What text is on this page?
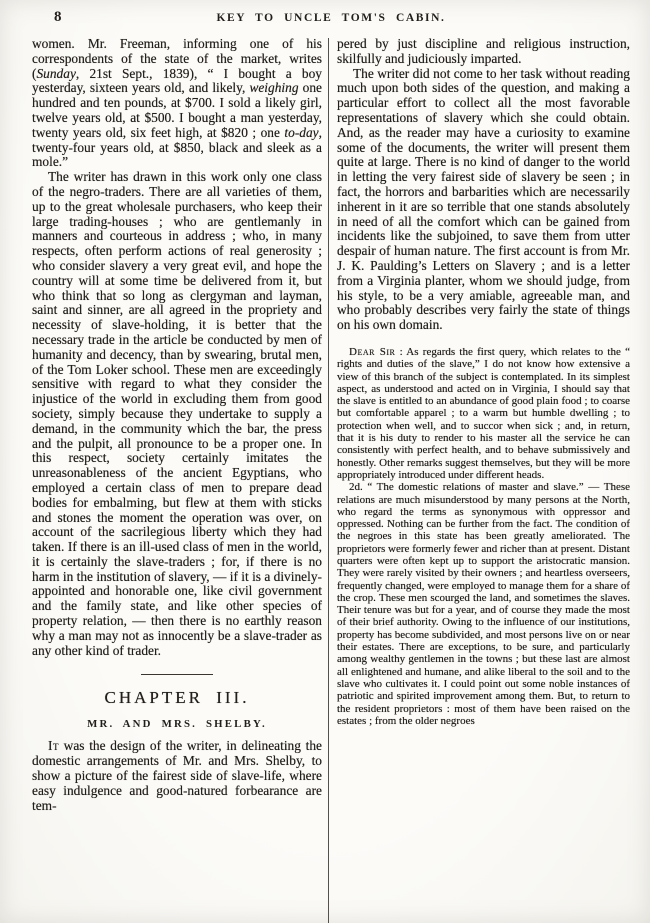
8	KEY TO UNCLE TOM'S CABIN.

women. Mr. Freeman, informing one of his correspondents of the state of the market, writes (Sunday, 21st Sept., 1839), “ I bought a boy yesterday, sixteen years old, and likely, weighing one hundred and ten pounds, at $700. I sold a likely girl, twelve years old, at $500. I bought a man yesterday, twenty years old, six feet high, at $820 ; one to-day, twenty-four years old, at $850, black and sleek as a mole.”

The writer has drawn in this work only one class of the negro-traders. There are all varieties of them, up to the great wholesale purchasers, who keep their large trading-houses ; who are gentlemanly in manners and courteous in address ; who, in many respects, often perform actions of real generosity ; who consider slavery a very great evil, and hope the country will at some time be delivered from it, but who think that so long as clergyman and layman, saint and sinner, are all agreed in the propriety and necessity of slave-holding, it is better that the necessary trade in the article be conducted by men of humanity and decency, than by swearing, brutal men, of the Tom Loker school. These men are exceedingly sensitive with regard to what they consider the injustice of the world in excluding them from good society, simply because they undertake to supply a demand, in the community which the bar, the press and the pulpit, all pronounce to be a proper one. In this respect, society certainly imitates the unreasonableness of the ancient Egyptians, who employed a certain class of men to prepare dead bodies for embalming, but flew at them with sticks and stones the moment the operation was over, on account of the sacrilegious liberty which they had taken. If there is an ill-used class of men in the world, it is certainly the slave-traders ; for, if there is no harm in the institution of slavery, — if it is a divinely-appointed and honorable one, like civil government and the family state, and like other species of property relation, — then there is no earthly reason why a man may not as innocently be a slave-trader as any other kind of trader.

CHAPTER III.
MR. AND MRS. SHELBY.

It was the design of the writer, in delineating the domestic arrangements of Mr. and Mrs. Shelby, to show a picture of the fairest side of slave-life, where easy indulgence and good-natured forbearance are tem-

pered by just discipline and religious instruction, skilfully and judiciously imparted.

The writer did not come to her task without reading much upon both sides of the question, and making a particular effort to collect all the most favorable representations of slavery which she could obtain. And, as the reader may have a curiosity to examine some of the documents, the writer will present them quite at large. There is no kind of danger to the world in letting the very fairest side of slavery be seen ; in fact, the horrors and barbarities which are necessarily inherent in it are so terrible that one stands absolutely in need of all the comfort which can be gained from incidents like the subjoined, to save them from utter despair of human nature. The first account is from Mr. J. K. Paulding’s Letters on Slavery ; and is a letter from a Virginia planter, whom we should judge, from his style, to be a very amiable, agreeable man, and who probably describes very fairly the state of things on his own domain.

Dear Sir : As regards the first query, which relates to the “ rights and duties of the slave,” I do not know how extensive a view of this branch of the subject is contemplated. In its simplest aspect, as understood and acted on in Virginia, I should say that the slave is entitled to an abundance of good plain food ; to coarse but comfortable apparel ; to a warm but humble dwelling ; to protection when well, and to succor when sick ; and, in return, that it is his duty to render to his master all the service he can consistently with perfect health, and to behave submissively and honestly. Other remarks suggest themselves, but they will be more appropriately introduced under different heads.

2d. “ The domestic relations of master and slave.” — These relations are much misunderstood by many persons at the North, who regard the terms as synonymous with oppressor and oppressed. Nothing can be further from the fact. The condition of the negroes in this state has been greatly ameliorated. The proprietors were formerly fewer and richer than at present. Distant quarters were often kept up to support the aristocratic mansion. They were rarely visited by their owners ; and heartless overseers, frequently changed, were employed to manage them for a share of the crop. These men scourged the land, and sometimes the slaves. Their tenure was but for a year, and of course they made the most of their brief authority. Owing to the influence of our institutions, property has become subdivided, and most persons live on or near their estates. There are exceptions, to be sure, and particularly among wealthy gentlemen in the towns ; but these last are almost all enlightened and humane, and alike liberal to the soil and to the slave who cultivates it. I could point out some noble instances of patriotic and spirited improvement among them. But, to return to the resident proprietors : most of them have been raised on the estates ; from the older negroes
